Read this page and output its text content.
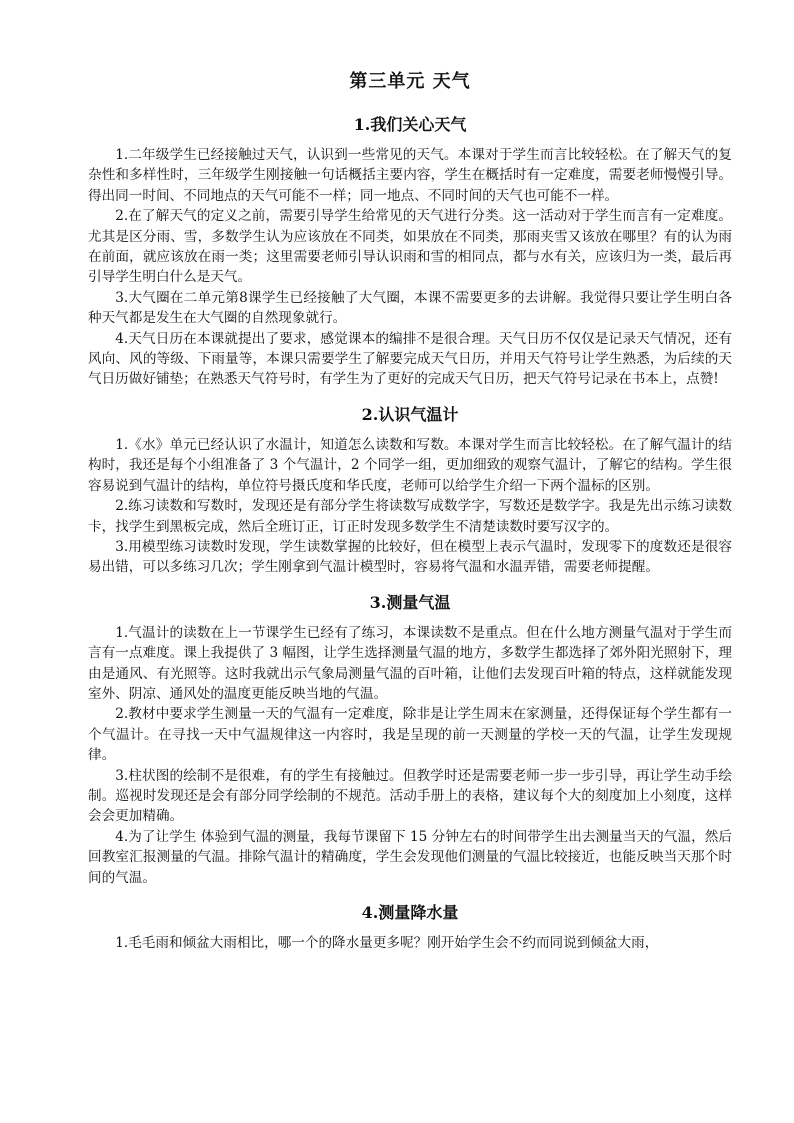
第三单元 天气
1.我们关心天气

1.二年级学生已经接触过天气，认识到一些常见的天气。本课对于学生而言比较轻松。在了解天气的复杂性和多样性时，三年级学生刚接触一句话概括主要内容，学生在概括时有一定难度，需要老师慢慢引导。得出同一时间、不同地点的天气可能不一样；同一地点、不同时间的天气也可能不一样。

2.在了解天气的定义之前，需要引导学生给常见的天气进行分类。这一活动对于学生而言有一定难度。尤其是区分雨、雪，多数学生认为应该放在不同类，如果放在不同类，那雨夹雪又该放在哪里？有的认为雨在前面，就应该放在雨一类；这里需要老师引导认识雨和雪的相同点，都与水有关，应该归为一类，最后再引导学生明白什么是天气。

3.大气圈在二单元第8课学生已经接触了大气圈，本课不需要更多的去讲解。我觉得只要让学生明白各种天气都是发生在大气圈的自然现象就行。

4.天气日历在本课就提出了要求，感觉课本的编排不是很合理。天气日历不仅仅是记录天气情况，还有风向、风的等级、下雨量等，本课只需要学生了解要完成天气日历，并用天气符号让学生熟悉，为后续的天气日历做好铺垫；在熟悉天气符号时，有学生为了更好的完成天气日历，把天气符号记录在书本上，点赞!

2.认识气温计

1.《水》单元已经认识了水温计，知道怎么读数和写数。本课对学生而言比较轻松。在了解气温计的结构时，我还是每个小组准备了 3 个气温计，2 个同学一组，更加细致的观察气温计，了解它的结构。学生很容易说到气温计的结构，单位符号摄氏度和华氏度，老师可以给学生介绍一下两个温标的区别。

2.练习读数和写数时，发现还是有部分学生将读数写成数学字，写数还是数学字。我是先出示练习读数卡，找学生到黑板完成，然后全班订正，订正时发现多数学生不清楚读数时要写汉字的。

3.用模型练习读数时发现，学生读数掌握的比较好，但在模型上表示气温时，发现零下的度数还是很容易出错，可以多练习几次；学生刚拿到气温计模型时，容易将气温和水温弄错，需要老师提醒。

3.测量气温

1.气温计的读数在上一节课学生已经有了练习，本课读数不是重点。但在什么地方测量气温对于学生而言有一点难度。课上我提供了 3 幅图，让学生选择测量气温的地方，多数学生都选择了郊外阳光照射下，理由是通风、有光照等。这时我就出示气象局测量气温的百叶箱，让他们去发现百叶箱的特点，这样就能发现室外、阴凉、通风处的温度更能反映当地的气温。

2.教材中要求学生测量一天的气温有一定难度，除非是让学生周末在家测量，还得保证每个学生都有一个气温计。在寻找一天中气温规律这一内容时，我是呈现的前一天测量的学校一天的气温，让学生发现规律。

3.柱状图的绘制不是很难，有的学生有接触过。但教学时还是需要老师一步一步引导，再让学生动手绘制。巡视时发现还是会有部分同学绘制的不规范。活动手册上的表格，建议每个大的刻度加上小刻度，这样会会更加精确。

4.为了让学生 体验到气温的测量，我每节课留下 15 分钟左右的时间带学生出去测量当天的气温，然后回教室汇报测量的气温。排除气温计的精确度，学生会发现他们测量的气温比较接近，也能反映当天那个时间的气温。

4.测量降水量

1.毛毛雨和倾盆大雨相比，哪一个的降水量更多呢？刚开始学生会不约而同说到倾盆大雨，
